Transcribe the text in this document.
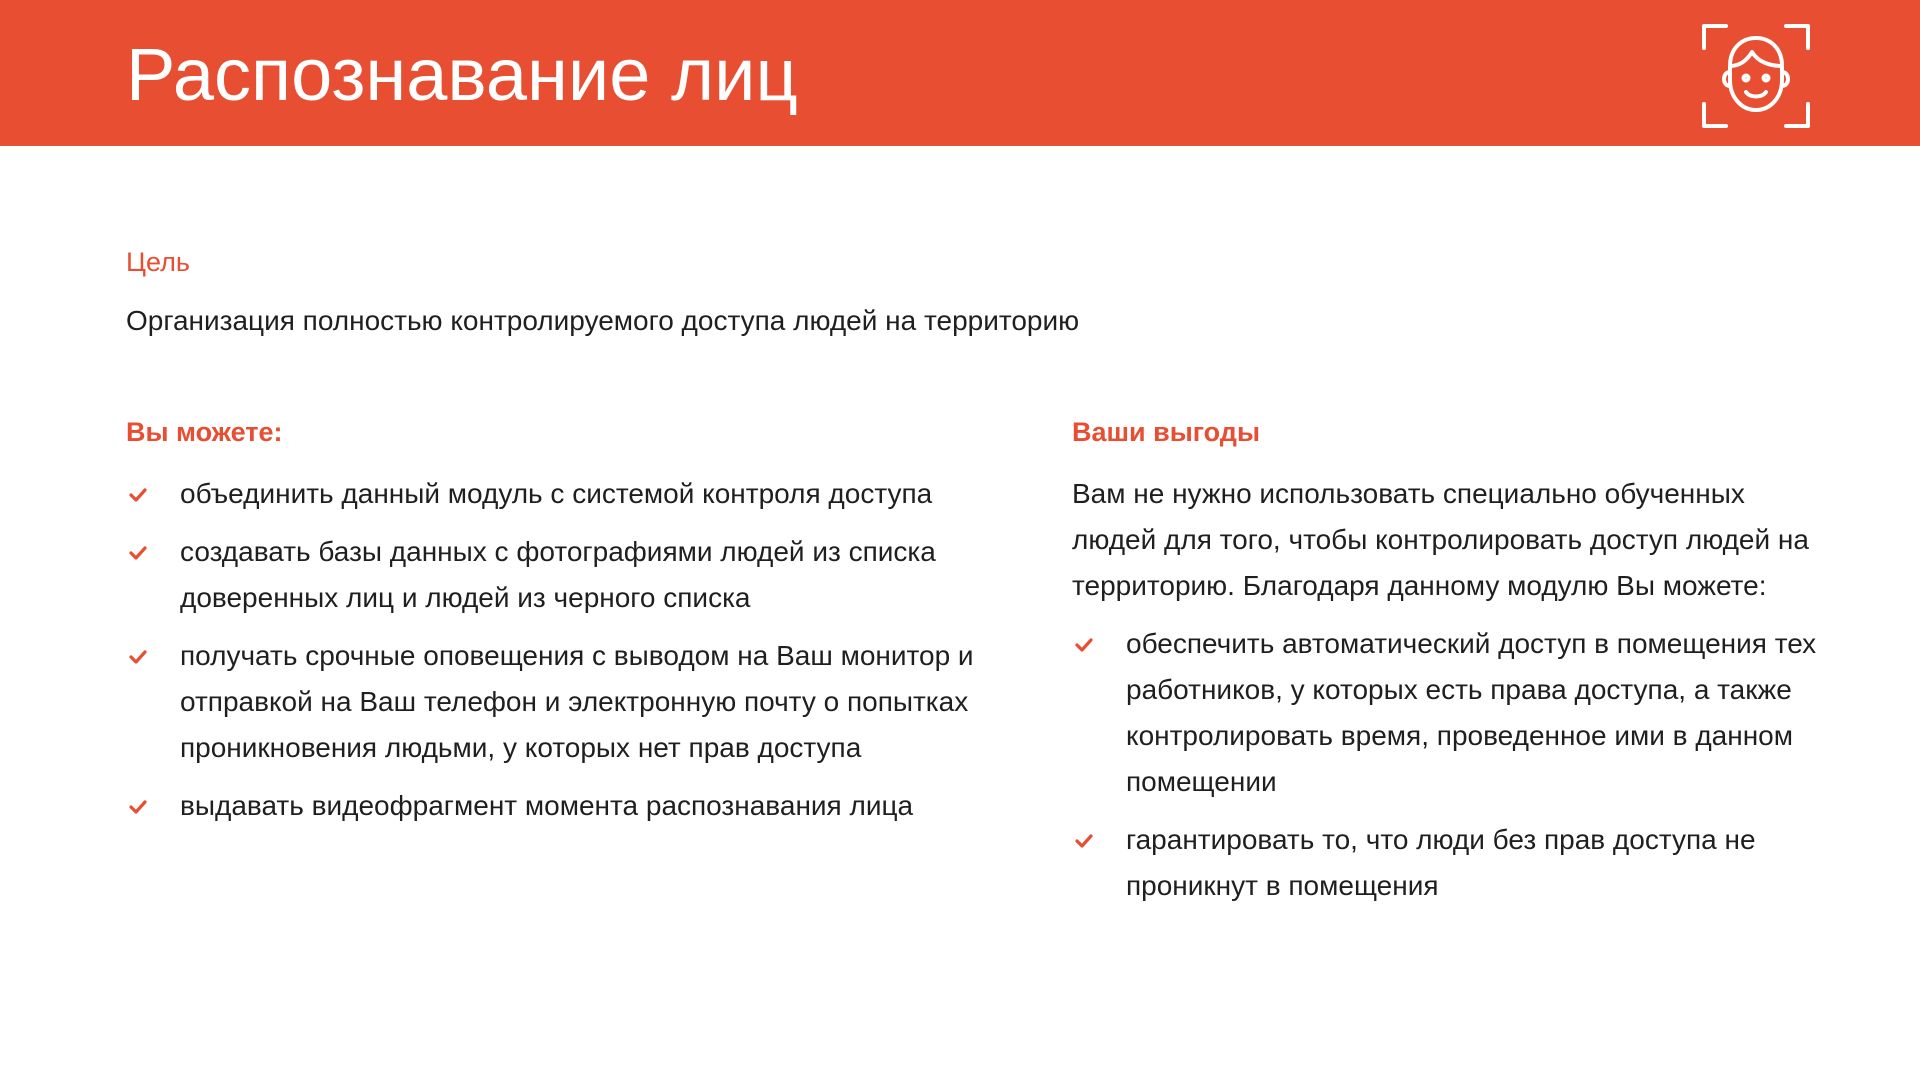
Распознавание лиц
Цель
Организация полностью контролируемого доступа людей на территорию
Вы можете:
объединить данный модуль с системой контроля доступа
создавать базы данных с фотографиями людей из списка доверенных лиц и людей из черного списка
получать срочные оповещения с выводом на Ваш монитор и отправкой на Ваш телефон и электронную почту о попытках проникновения людьми, у которых нет прав доступа
выдавать видеофрагмент момента распознавания лица
Ваши выгоды
Вам не нужно использовать специально обученных людей для того, чтобы контролировать доступ людей на территорию. Благодаря данному модулю Вы можете:
обеспечить автоматический доступ в помещения тех работников, у которых есть права доступа, а также контролировать время, проведенное ими в данном помещении
гарантировать то, что люди без прав доступа не проникнут в помещения
